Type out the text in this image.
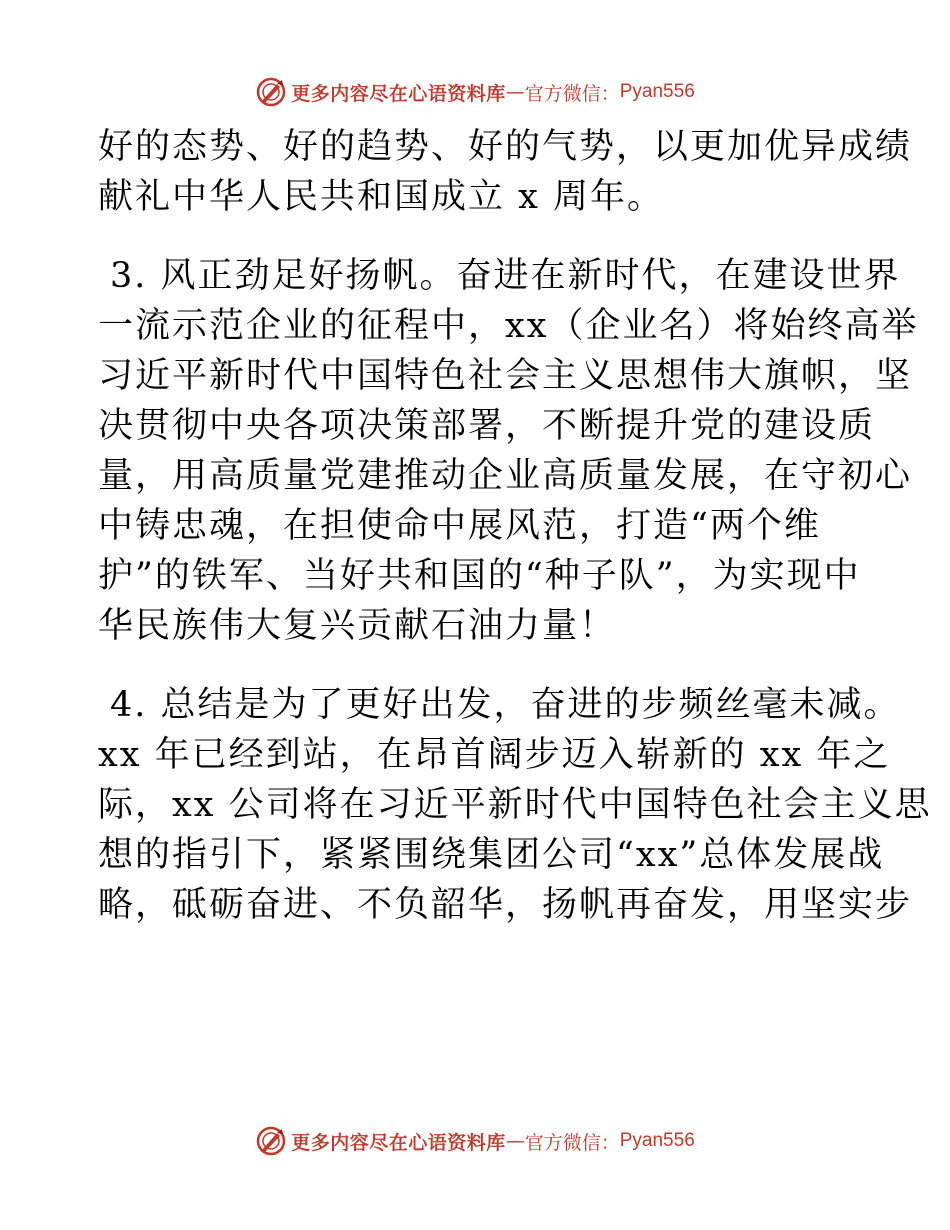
更多内容尽在心语资料库 — 官方微信： Pyan556
好的态势、好的趋势、好的气势，以更加优异成绩
献礼中华人民共和国成立 x 周年。
3. 风正劲足好扬帆。奋进在新时代，在建设世界
一流示范企业的征程中，xx（企业名）将始终高举
习近平新时代中国特色社会主义思想伟大旗帜，坚
决贯彻中央各项决策部署，不断提升党的建设质
量，用高质量党建推动企业高质量发展，在守初心
中铸忠魂，在担使命中展风范，打造“两个维
护”的铁军、当好共和国的“种子队”，为实现中
华民族伟大复兴贡献石油力量！
4. 总结是为了更好出发，奋进的步频丝毫未减。
xx 年已经到站，在昂首阔步迈入崭新的 xx 年之
际，xx 公司将在习近平新时代中国特色社会主义思
想的指引下，紧紧围绕集团公司“xx”总体发展战
略，砥砺奋进、不负韶华，扬帆再奋发，用坚实步
更多内容尽在心语资料库 — 官方微信： Pyan556
